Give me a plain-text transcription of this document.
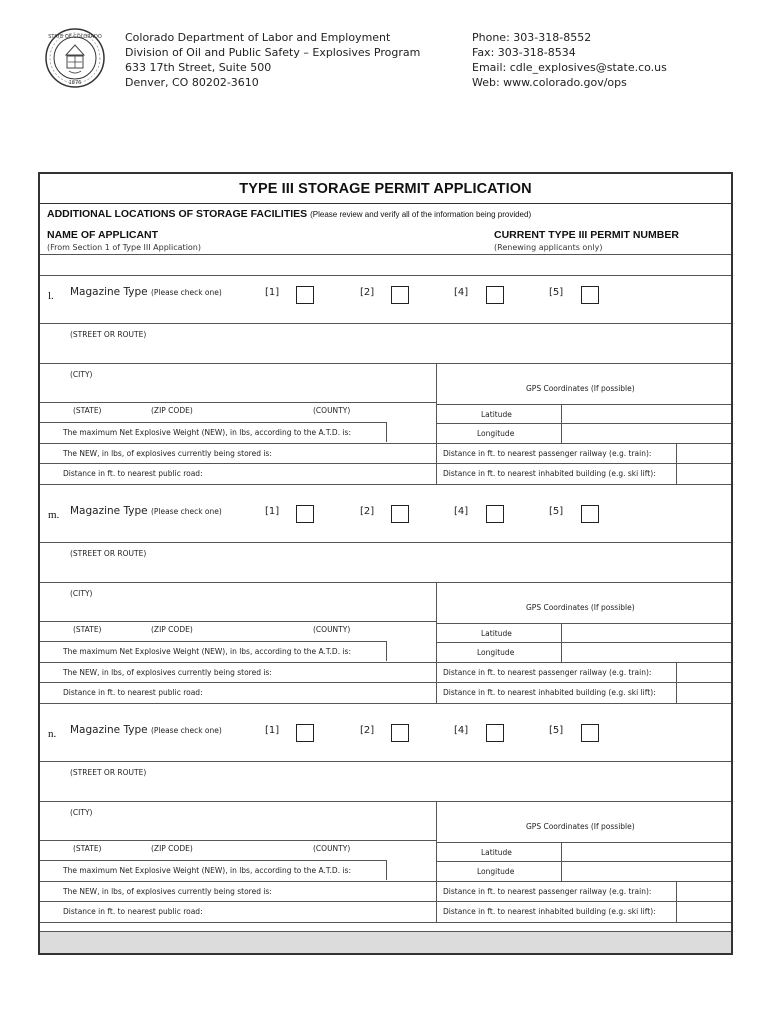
STATE OF COLORADO
1876
Colorado Department of Labor and Employment
Division of Oil and Public Safety – Explosives Program
633 17th Street, Suite 500
Denver, CO 80202-3610
Phone: 303-318-8552
Fax: 303-318-8534
Email: cdle_explosives@state.co.us
Web: www.colorado.gov/ops
TYPE III STORAGE PERMIT APPLICATION
ADDITIONAL LOCATIONS OF STORAGE FACILITIES (Please review and verify all of the information being provided)
NAME OF APPLICANT
(From Section 1 of Type III Application)
CURRENT TYPE III PERMIT NUMBER
(Renewing applicants only)
l. Magazine Type (Please check one)	[1]	[2]	[4]	[5]
(STREET OR ROUTE)
(CITY)
GPS Coordinates (If possible)
(STATE)	(ZIP CODE)	(COUNTY)	Latitude
Longitude
The maximum Net Explosive Weight (NEW), in lbs, according to the A.T.D. is:
The NEW, in lbs, of explosives currently being stored is:	Distance in ft. to nearest passenger railway (e.g. train):
Distance in ft. to nearest public road:	Distance in ft. to nearest inhabited building (e.g. ski lift):
m. Magazine Type (Please check one)	[1]	[2]	[4]	[5]
(STREET OR ROUTE)
(CITY)
GPS Coordinates (If possible)
(STATE)	(ZIP CODE)	(COUNTY)	Latitude
Longitude
The maximum Net Explosive Weight (NEW), in lbs, according to the A.T.D. is:
The NEW, in lbs, of explosives currently being stored is:	Distance in ft. to nearest passenger railway (e.g. train):
Distance in ft. to nearest public road:	Distance in ft. to nearest inhabited building (e.g. ski lift):
n. Magazine Type (Please check one)	[1]	[2]	[4]	[5]
(STREET OR ROUTE)
(CITY)
GPS Coordinates (If possible)
(STATE)	(ZIP CODE)	(COUNTY)	Latitude
Longitude
The maximum Net Explosive Weight (NEW), in lbs, according to the A.T.D. is:
The NEW, in lbs, of explosives currently being stored is:	Distance in ft. to nearest passenger railway (e.g. train):
Distance in ft. to nearest public road:	Distance in ft. to nearest inhabited building (e.g. ski lift):
